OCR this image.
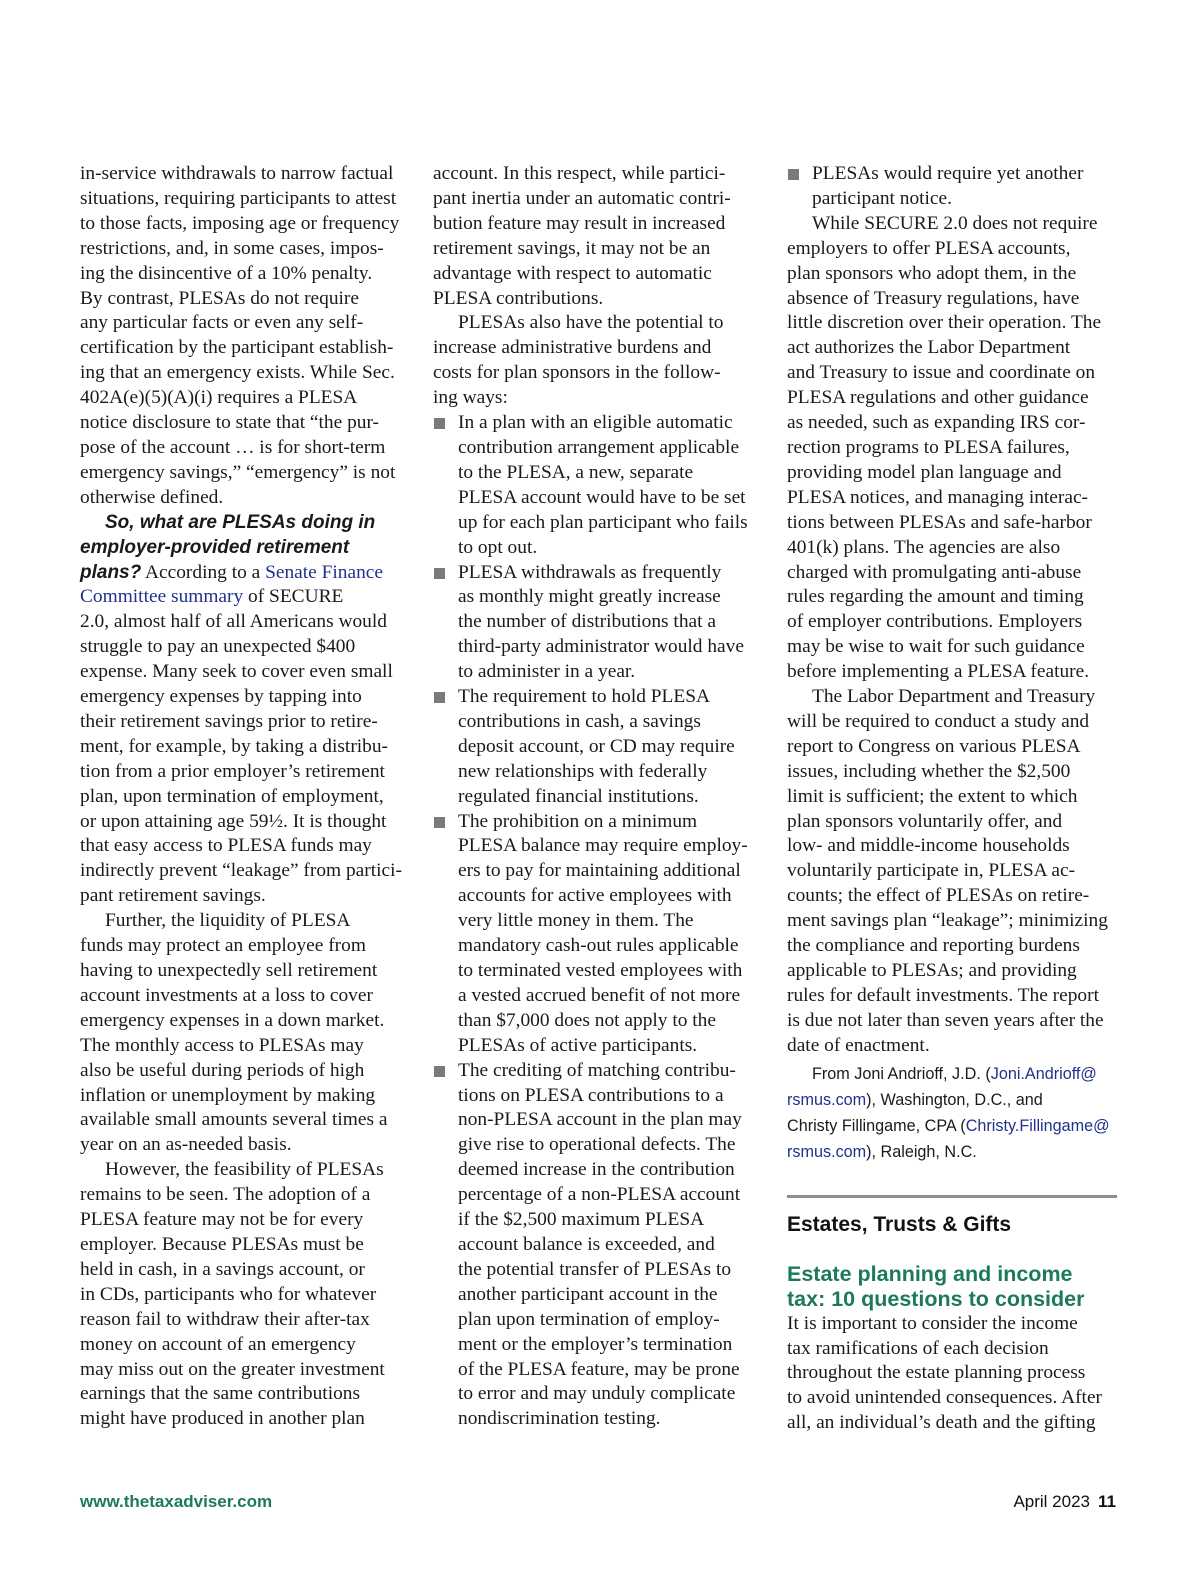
in-service withdrawals to narrow factual
situations, requiring participants to attest
to those facts, imposing age or frequency
restrictions, and, in some cases, impos-
ing the disincentive of a 10% penalty.
By contrast, PLESAs do not require
any particular facts or even any self-
certification by the participant establish-
ing that an emergency exists. While Sec.
402A(e)(5)(A)(i) requires a PLESA
notice disclosure to state that “the pur-
pose of the account … is for short-term
emergency savings,” “emergency” is not
otherwise defined.

So, what are PLESAs doing in
employer-provided retirement
plans? According to a Senate Finance
Committee summary of SECURE
2.0, almost half of all Americans would
struggle to pay an unexpected $400
expense. Many seek to cover even small
emergency expenses by tapping into
their retirement savings prior to retire-
ment, for example, by taking a distribu-
tion from a prior employer’s retirement
plan, upon termination of employment,
or upon attaining age 59½. It is thought
that easy access to PLESA funds may
indirectly prevent “leakage” from partici-
pant retirement savings.

Further, the liquidity of PLESA
funds may protect an employee from
having to unexpectedly sell retirement
account investments at a loss to cover
emergency expenses in a down market.
The monthly access to PLESAs may
also be useful during periods of high
inflation or unemployment by making
available small amounts several times a
year on an as-needed basis.

However, the feasibility of PLESAs
remains to be seen. The adoption of a
PLESA feature may not be for every
employer. Because PLESAs must be
held in cash, in a savings account, or
in CDs, participants who for whatever
reason fail to withdraw their after-tax
money on account of an emergency
may miss out on the greater investment
earnings that the same contributions
might have produced in another plan

account. In this respect, while partici-
pant inertia under an automatic contri-
bution feature may result in increased
retirement savings, it may not be an
advantage with respect to automatic
PLESA contributions.

PLESAs also have the potential to
increase administrative burdens and
costs for plan sponsors in the follow-
ing ways:

In a plan with an eligible automatic
contribution arrangement applicable
to the PLESA, a new, separate
PLESA account would have to be set
up for each plan participant who fails
to opt out.
PLESA withdrawals as frequently
as monthly might greatly increase
the number of distributions that a
third-party administrator would have
to administer in a year.
The requirement to hold PLESA
contributions in cash, a savings
deposit account, or CD may require
new relationships with federally
regulated financial institutions.
The prohibition on a minimum
PLESA balance may require employ-
ers to pay for maintaining additional
accounts for active employees with
very little money in them. The
mandatory cash-out rules applicable
to terminated vested employees with
a vested accrued benefit of not more
than $7,000 does not apply to the
PLESAs of active participants.
The crediting of matching contribu-
tions on PLESA contributions to a
non-PLESA account in the plan may
give rise to operational defects. The
deemed increase in the contribution
percentage of a non-PLESA account
if the $2,500 maximum PLESA
account balance is exceeded, and
the potential transfer of PLESAs to
another participant account in the
plan upon termination of employ-
ment or the employer’s termination
of the PLESA feature, may be prone
to error and may unduly complicate
nondiscrimination testing.
PLESAs would require yet another
participant notice.

While SECURE 2.0 does not require
employers to offer PLESA accounts,
plan sponsors who adopt them, in the
absence of Treasury regulations, have
little discretion over their operation. The
act authorizes the Labor Department
and Treasury to issue and coordinate on
PLESA regulations and other guidance
as needed, such as expanding IRS cor-
rection programs to PLESA failures,
providing model plan language and
PLESA notices, and managing interac-
tions between PLESAs and safe-harbor
401(k) plans. The agencies are also
charged with promulgating anti-abuse
rules regarding the amount and timing
of employer contributions. Employers
may be wise to wait for such guidance
before implementing a PLESA feature.

The Labor Department and Treasury
will be required to conduct a study and
report to Congress on various PLESA
issues, including whether the $2,500
limit is sufficient; the extent to which
plan sponsors voluntarily offer, and
low- and middle-income households
voluntarily participate in, PLESA ac-
counts; the effect of PLESAs on retire-
ment savings plan “leakage”; minimizing
the compliance and reporting burdens
applicable to PLESAs; and providing
rules for default investments. The report
is due not later than seven years after the
date of enactment.

From Joni Andrioff, J.D. (Joni.Andrioff@
rsmus.com), Washington, D.C., and
Christy Fillingame, CPA (Christy.Fillingame@
rsmus.com), Raleigh, N.C.

Estates, Trusts & Gifts
Estate planning and income
tax: 10 questions to consider

It is important to consider the income
tax ramifications of each decision
throughout the estate planning process
to avoid unintended consequences. After
all, an individual’s death and the gifting

www.thetaxadviser.com	April 2023 11
